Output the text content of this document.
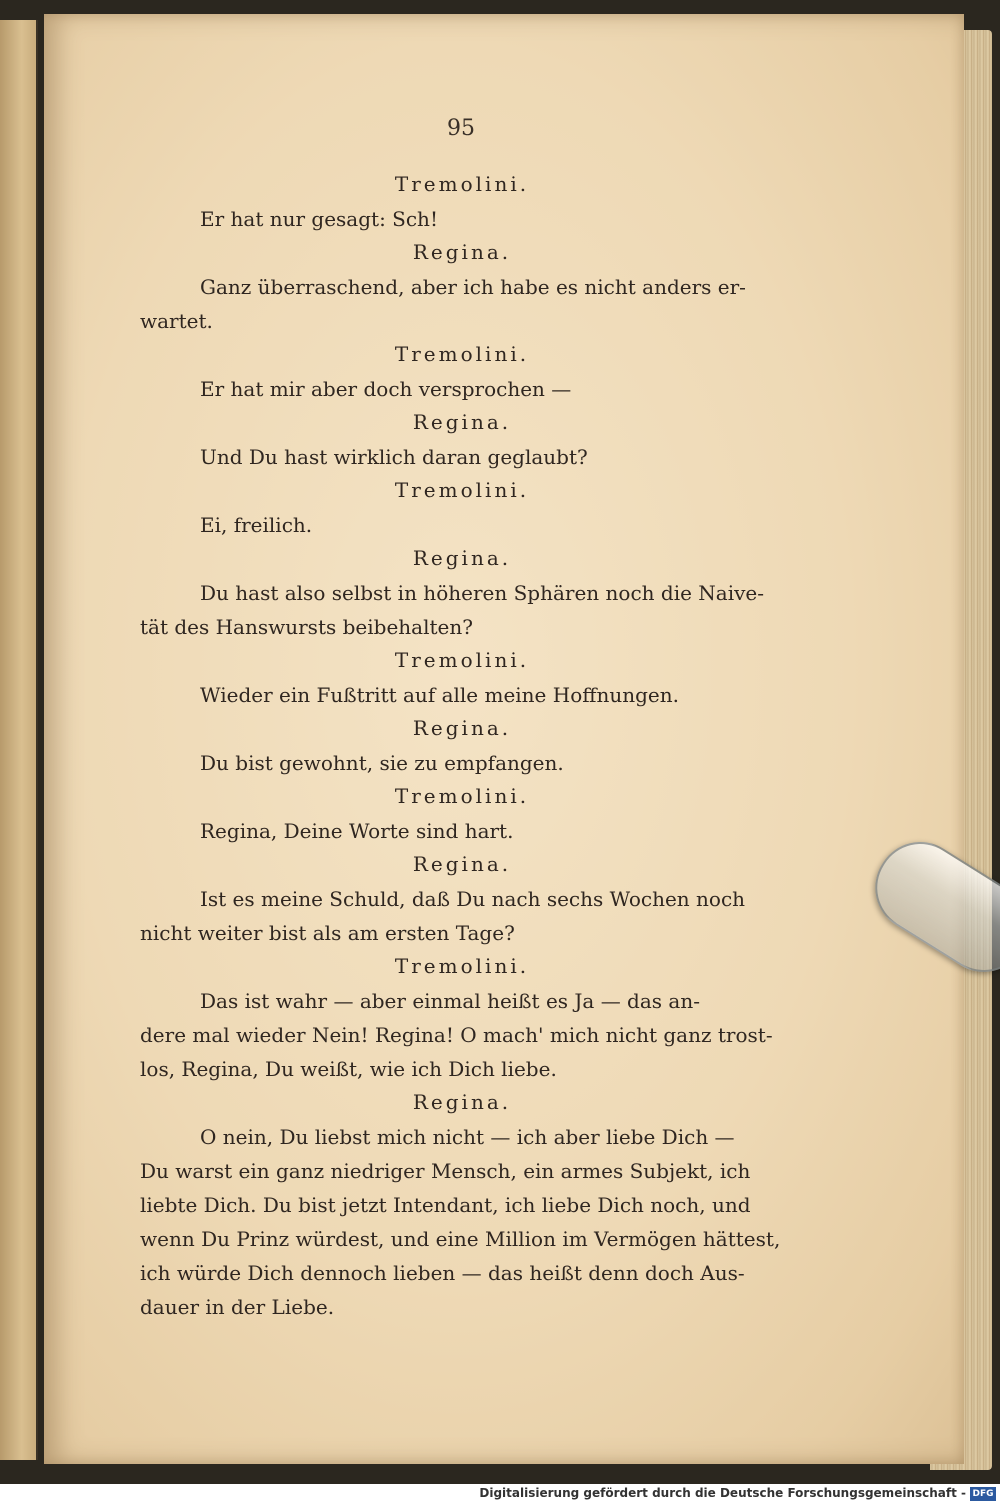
95
Tremolini.
Er hat nur gesagt: Sch!
Regina.
Ganz überraschend, aber ich habe es nicht anders er-
wartet.
Tremolini.
Er hat mir aber doch versprochen —
Regina.
Und Du hast wirklich daran geglaubt?
Tremolini.
Ei, freilich.
Regina.
Du hast also selbst in höheren Sphären noch die Naive-
tät des Hanswursts beibehalten?
Tremolini.
Wieder ein Fußtritt auf alle meine Hoffnungen.
Regina.
Du bist gewohnt, sie zu empfangen.
Tremolini.
Regina, Deine Worte sind hart.
Regina.
Ist es meine Schuld, daß Du nach sechs Wochen noch
nicht weiter bist als am ersten Tage?
Tremolini.
Das ist wahr — aber einmal heißt es Ja — das an-
dere mal wieder Nein! Regina! O mach' mich nicht ganz trost-
los, Regina, Du weißt, wie ich Dich liebe.
Regina.
O nein, Du liebst mich nicht — ich aber liebe Dich —
Du warst ein ganz niedriger Mensch, ein armes Subjekt, ich
liebte Dich. Du bist jetzt Intendant, ich liebe Dich noch, und
wenn Du Prinz würdest, und eine Million im Vermögen hättest,
ich würde Dich dennoch lieben — das heißt denn doch Aus-
dauer in der Liebe.
Digitalisierung gefördert durch die Deutsche Forschungsgemeinschaft - DFG
